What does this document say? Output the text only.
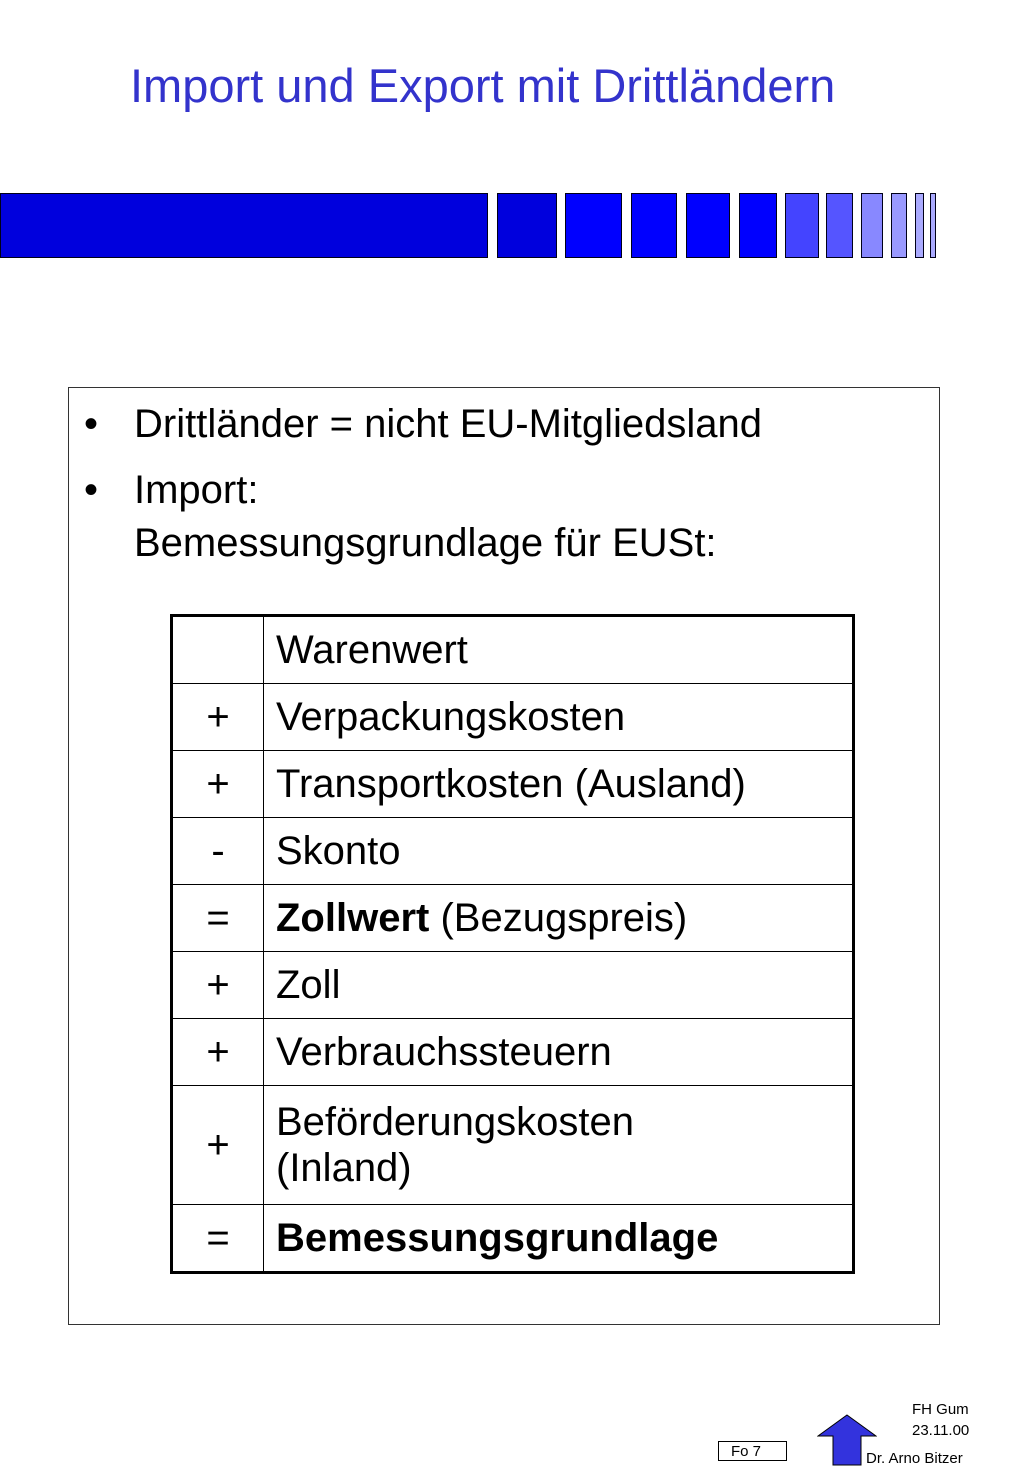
Import und Export mit Drittländern
• Drittländer = nicht EU-Mitgliedsland
• Import:
Bemessungsgrundlage für EUSt:
	Warenwert
+	Verpackungskosten
+	Transportkosten (Ausland)
-	Skonto
=	Zollwert (Bezugspreis)
+	Zoll
+	Verbrauchssteuern
+	Beförderungskosten
(Inland)

=	Bemessungsgrundlage
Fo 7
FH Gum
23.11.00
Dr. Arno Bitzer
